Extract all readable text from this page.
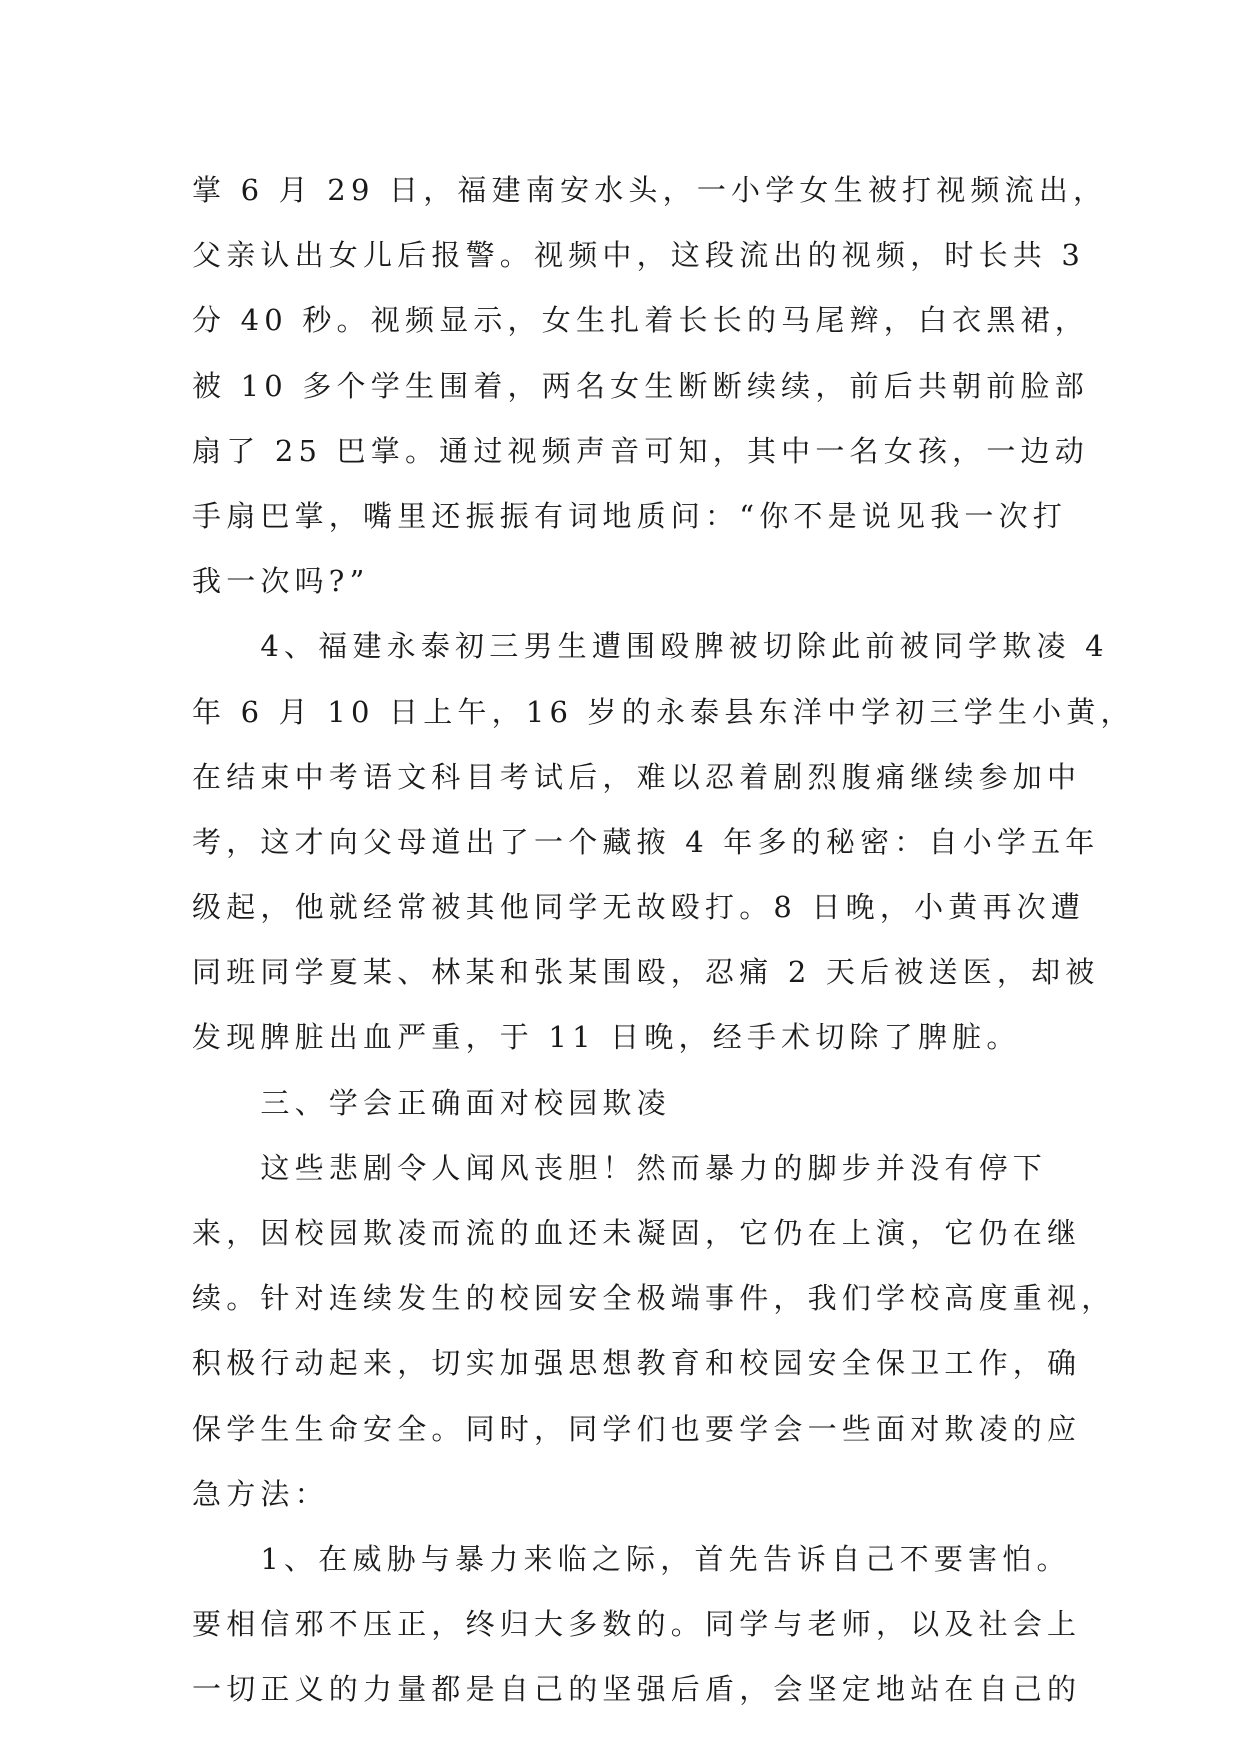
掌 6 月 29 日，福建南安水头，一小学女生被打视频流出，
父亲认出女儿后报警。视频中，这段流出的视频，时长共 3
分 40 秒。视频显示，女生扎着长长的马尾辫，白衣黑裙，
被 10 多个学生围着，两名女生断断续续，前后共朝前脸部
扇了 25 巴掌。通过视频声音可知，其中一名女孩，一边动
手扇巴掌，嘴里还振振有词地质问：“你不是说见我一次打
我一次吗?”
　　4、福建永泰初三男生遭围殴脾被切除此前被同学欺凌 4
年 6 月 10 日上午，16 岁的永泰县东洋中学初三学生小黄，
在结束中考语文科目考试后，难以忍着剧烈腹痛继续参加中
考，这才向父母道出了一个藏掖 4 年多的秘密：自小学五年
级起，他就经常被其他同学无故殴打。8 日晚，小黄再次遭
同班同学夏某、林某和张某围殴，忍痛 2 天后被送医，却被
发现脾脏出血严重，于 11 日晚，经手术切除了脾脏。
　　三、学会正确面对校园欺凌
　　这些悲剧令人闻风丧胆！然而暴力的脚步并没有停下
来，因校园欺凌而流的血还未凝固，它仍在上演，它仍在继
续。针对连续发生的校园安全极端事件，我们学校高度重视，
积极行动起来，切实加强思想教育和校园安全保卫工作，确
保学生生命安全。同时，同学们也要学会一些面对欺凌的应
急方法：
　　1、在威胁与暴力来临之际，首先告诉自己不要害怕。
要相信邪不压正，终归大多数的。同学与老师，以及社会上
一切正义的力量都是自己的坚强后盾，会坚定地站在自己的
